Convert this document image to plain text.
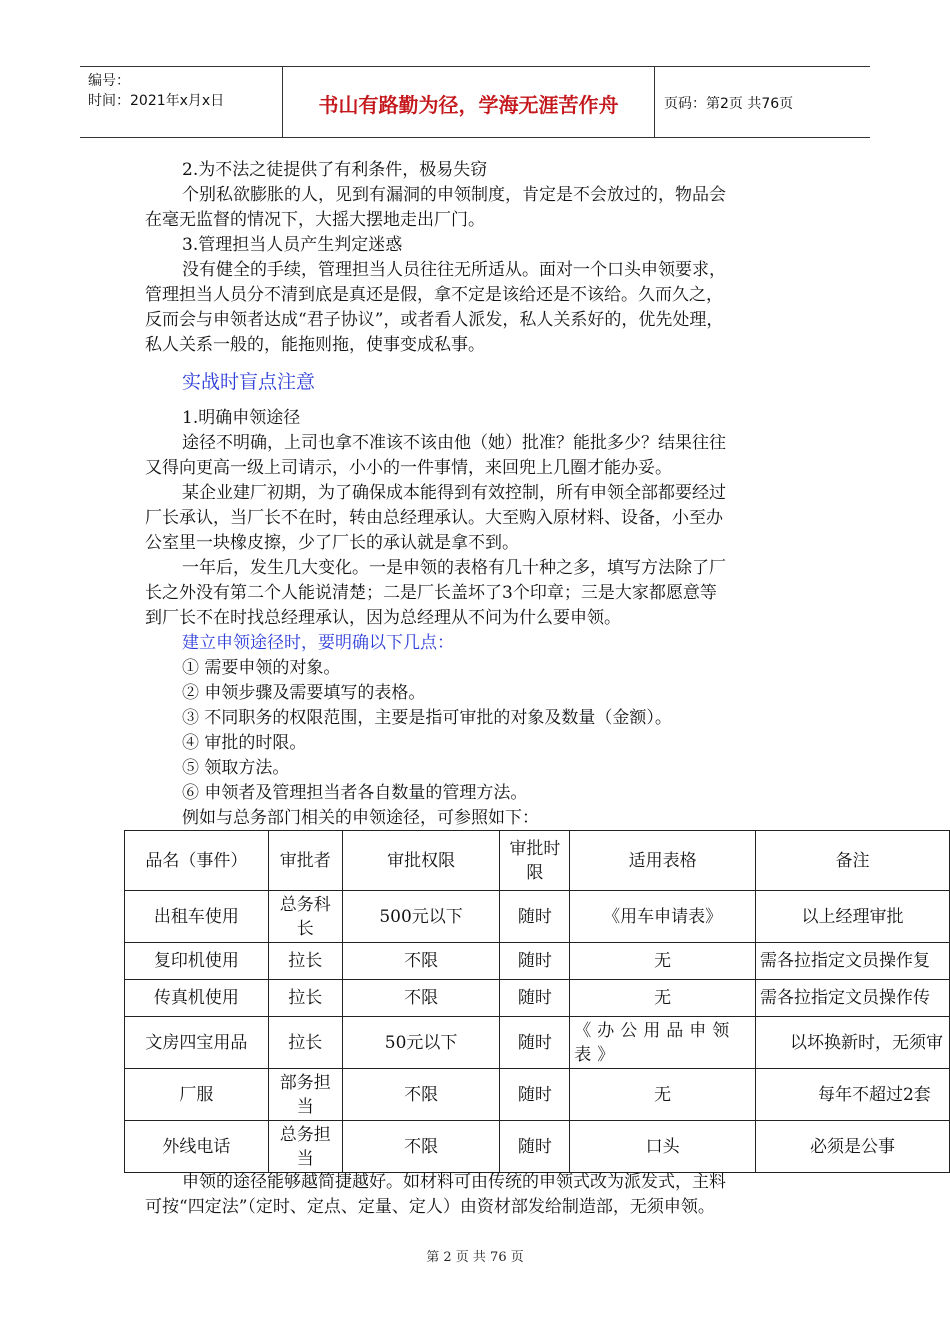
编号：
时间：2021年x月x日	书山有路勤为径，学海无涯苦作舟	页码：第2页 共76页
2.为不法之徒提供了有利条件，极易失窃
个别私欲膨胀的人，见到有漏洞的申领制度，肯定是不会放过的，物品会
在毫无监督的情况下，大摇大摆地走出厂门。
3.管理担当人员产生判定迷惑
没有健全的手续，管理担当人员往往无所适从。面对一个口头申领要求，
管理担当人员分不清到底是真还是假，拿不定是该给还是不该给。久而久之，
反而会与申领者达成“君子协议”，或者看人派发，私人关系好的，优先处理，
私人关系一般的，能拖则拖，使事变成私事。
实战时盲点注意
1.明确申领途径
途径不明确，上司也拿不准该不该由他（她）批准？能批多少？结果往往
又得向更高一级上司请示，小小的一件事情，来回兜上几圈才能办妥。
某企业建厂初期，为了确保成本能得到有效控制，所有申领全部都要经过
厂长承认，当厂长不在时，转由总经理承认。大至购入原材料、设备，小至办
公室里一块橡皮擦，少了厂长的承认就是拿不到。
一年后，发生几大变化。一是申领的表格有几十种之多，填写方法除了厂
长之外没有第二个人能说清楚；二是厂长盖坏了3个印章；三是大家都愿意等
到厂长不在时找总经理承认，因为总经理从不问为什么要申领。
建立申领途径时，要明确以下几点：
① 需要申领的对象。
② 申领步骤及需要填写的表格。
③ 不同职务的权限范围，主要是指可审批的对象及数量（金额）。
④ 审批的时限。
⑤ 领取方法。
⑥ 申领者及管理担当者各自数量的管理方法。
例如与总务部门相关的申领途径，可参照如下：
品名（事件）	审批者	审批权限	审批时限	适用表格	备注
出租车使用	总务科长	500元以下	随时	《用车申请表》	以上经理审批
复印机使用	拉长	不限	随时	无	需各拉指定文员操作复
传真机使用	拉长	不限	随时	无	需各拉指定文员操作传
文房四宝用品	拉长	50元以下	随时	《办公用品申领表》	以坏换新时，无须审
厂服	部务担当	不限	随时	无	每年不超过2套
外线电话	总务担当	不限	随时	口头	必须是公事
申领的途径能够越简捷越好。如材料可由传统的申领式改为派发式，主料
可按“四定法”（定时、定点、定量、定人）由资材部发给制造部，无须申领。
第 2 页 共 76 页
